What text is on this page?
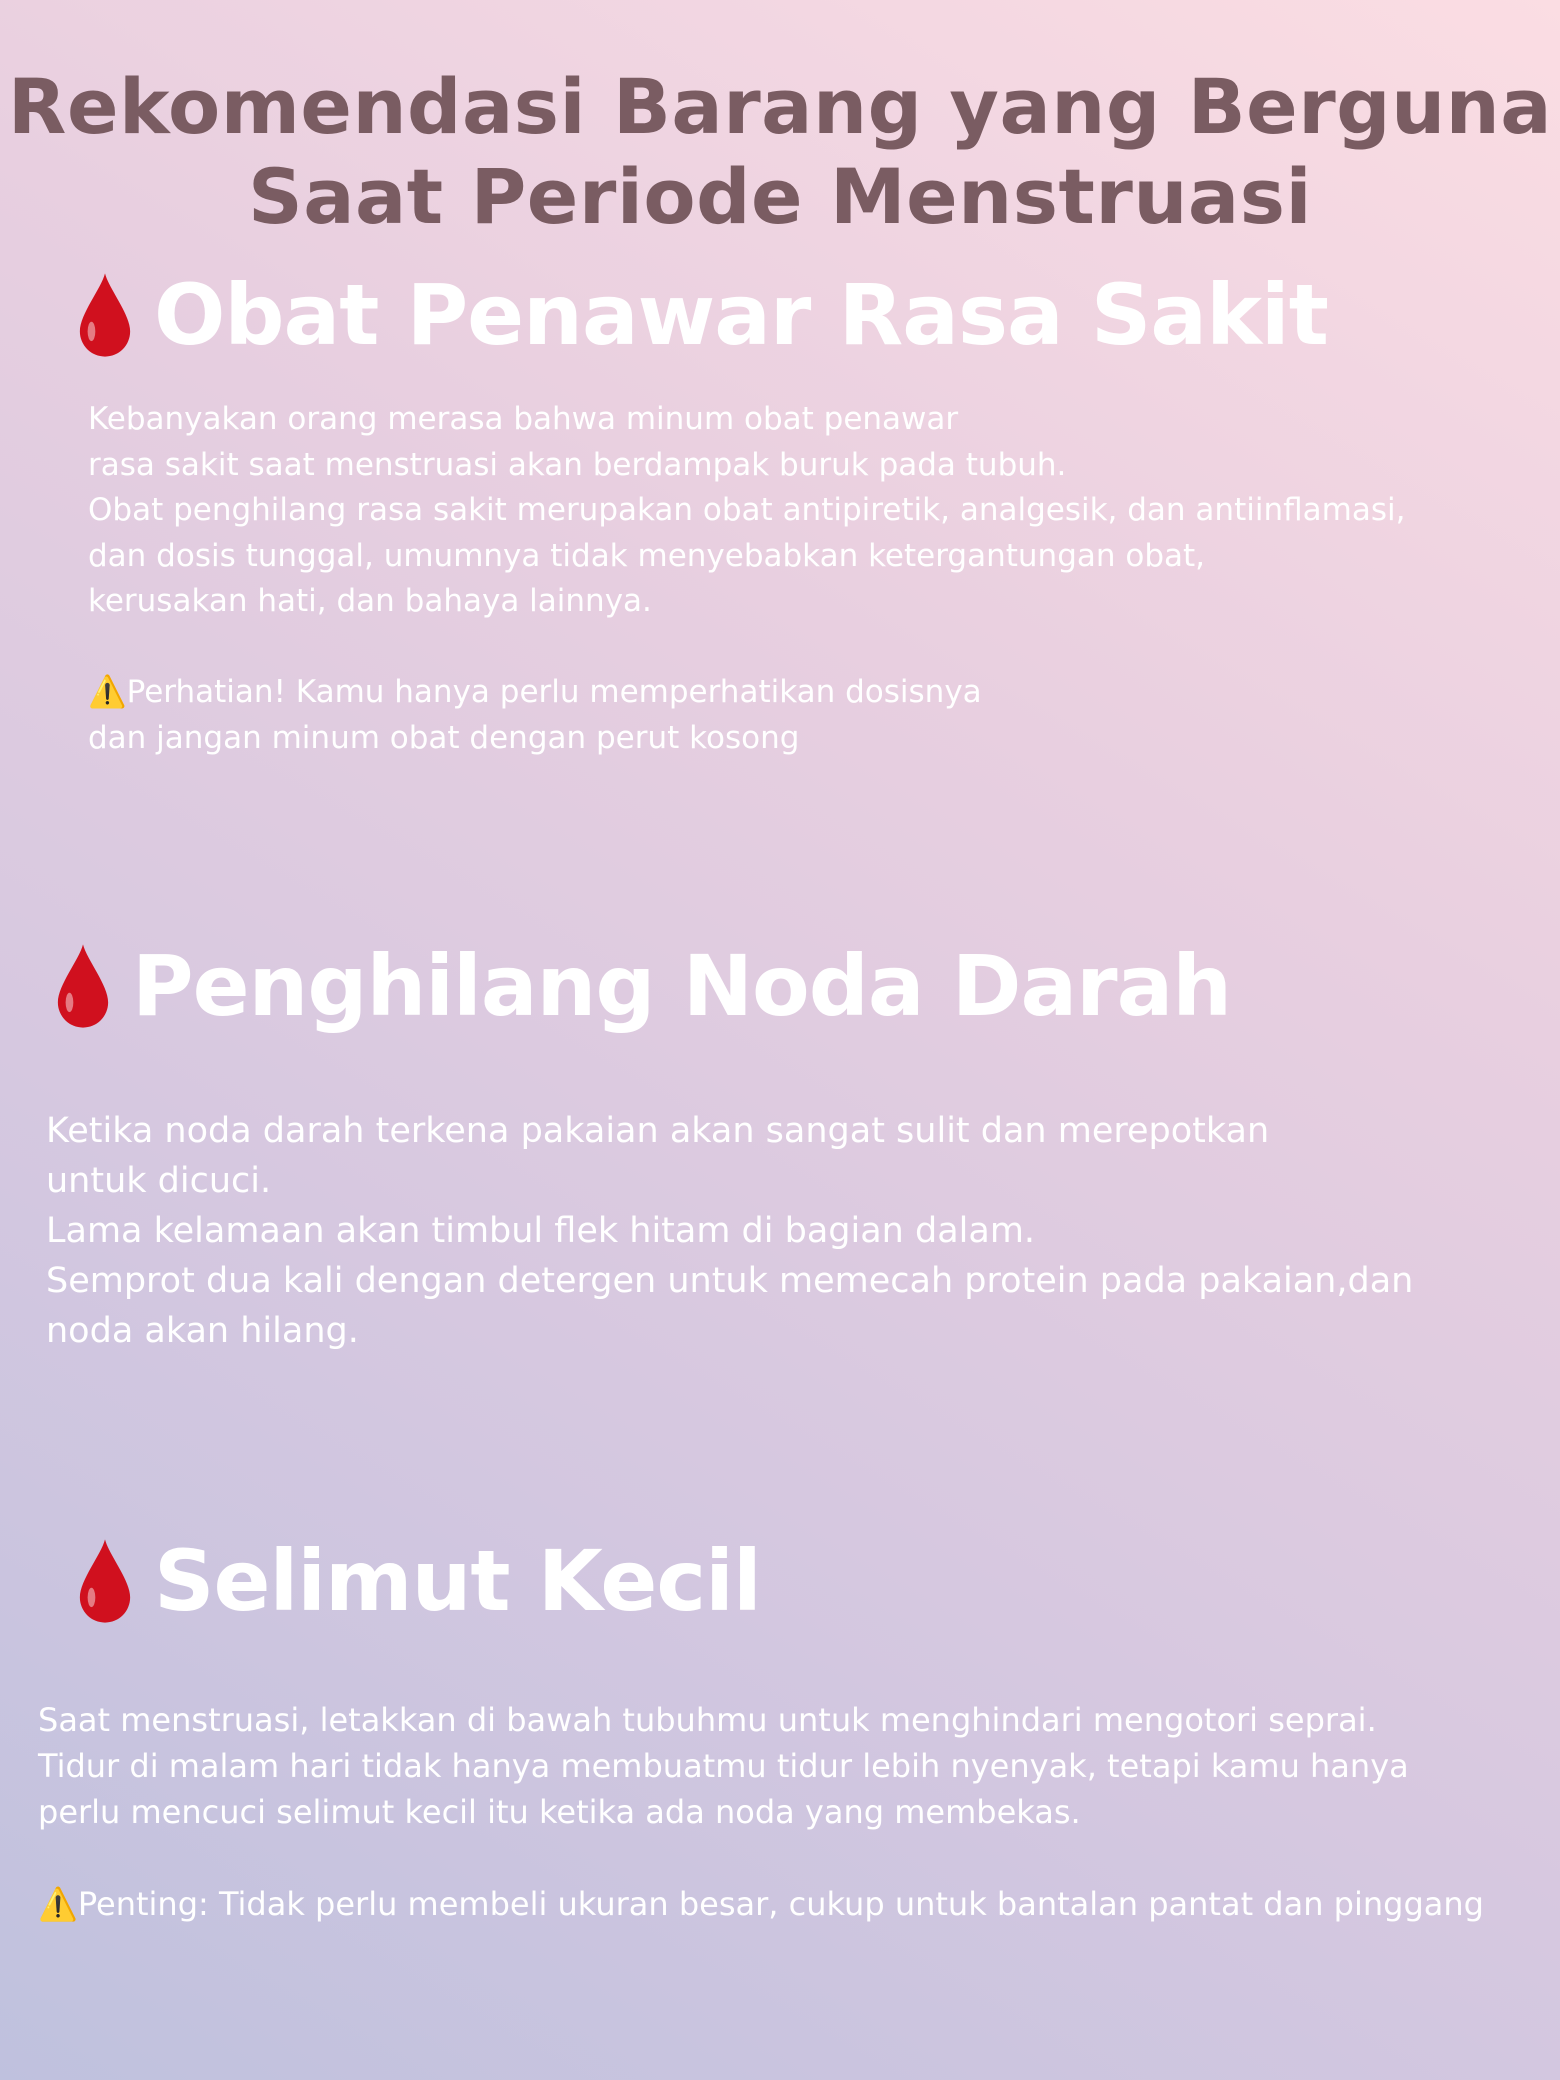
Rekomendasi Barang yang Berguna
Saat Periode Menstruasi
Obat Penawar Rasa Sakit
Kebanyakan orang merasa bahwa minum obat penawar
rasa sakit saat menstruasi akan berdampak buruk pada tubuh.
Obat penghilang rasa sakit merupakan obat antipiretik, analgesik, dan antiinflamasi,
dan dosis tunggal, umumnya tidak menyebabkan ketergantungan obat,
kerusakan hati, dan bahaya lainnya.

⚠️Perhatian! Kamu hanya perlu memperhatikan dosisnya
dan jangan minum obat dengan perut kosong
Penghilang Noda Darah
Ketika noda darah terkena pakaian akan sangat sulit dan merepotkan
untuk dicuci.
Lama kelamaan akan timbul flek hitam di bagian dalam.
Semprot dua kali dengan detergen untuk memecah protein pada pakaian,dan
noda akan hilang.
Selimut Kecil
Saat menstruasi, letakkan di bawah tubuhmu untuk menghindari mengotori seprai.
Tidur di malam hari tidak hanya membuatmu tidur lebih nyenyak, tetapi kamu hanya
perlu mencuci selimut kecil itu ketika ada noda yang membekas.

⚠️Penting: Tidak perlu membeli ukuran besar, cukup untuk bantalan pantat dan pinggang
